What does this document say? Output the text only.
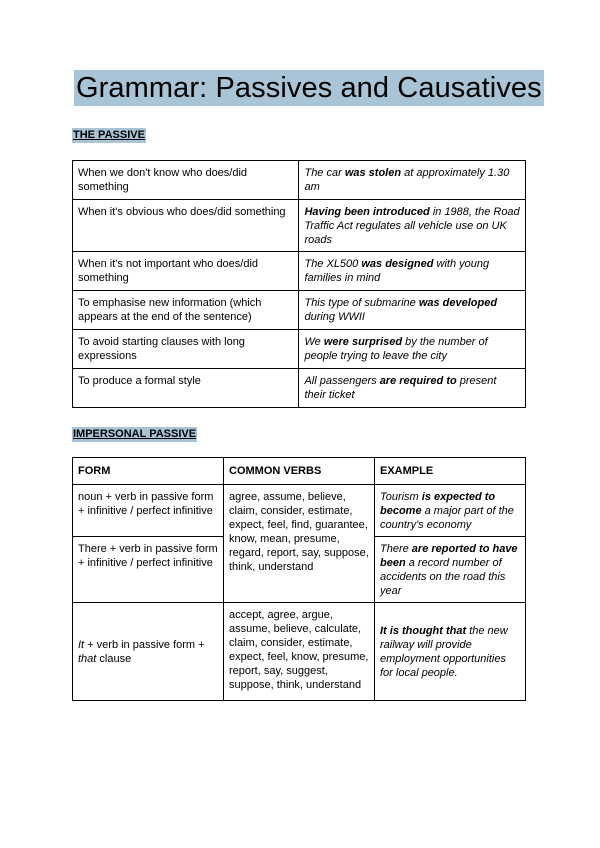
Grammar: Passives and Causatives
THE PASSIVE
When we don't know who does/did something	The car was stolen at approximately 1.30 am
When it's obvious who does/did something	Having been introduced in 1988, the Road Traffic Act regulates all vehicle use on UK roads
When it's not important who does/did something	The XL500 was designed with young families in mind
To emphasise new information (which appears at the end of the sentence)	This type of submarine was developed during WWII
To avoid starting clauses with long expressions	We were surprised by the number of people trying to leave the city
To produce a formal style	All passengers are required to present their ticket
IMPERSONAL PASSIVE
FORM	COMMON VERBS	EXAMPLE
noun + verb in passive form + infinitive / perfect infinitive	agree, assume, believe, claim, consider, estimate, expect, feel, find, guarantee, know, mean, presume, regard, report, say, suppose, think, understand	Tourism is expected to become a major part of the country's economy
There + verb in passive form + infinitive / perfect infinitive		There are reported to have been a record number of accidents on the road this year
It + verb in passive form + that clause	accept, agree, argue, assume, believe, calculate, claim, consider, estimate, expect, feel, know, presume, report, say, suggest, suppose, think, understand	It is thought that the new railway will provide employment opportunities for local people.
